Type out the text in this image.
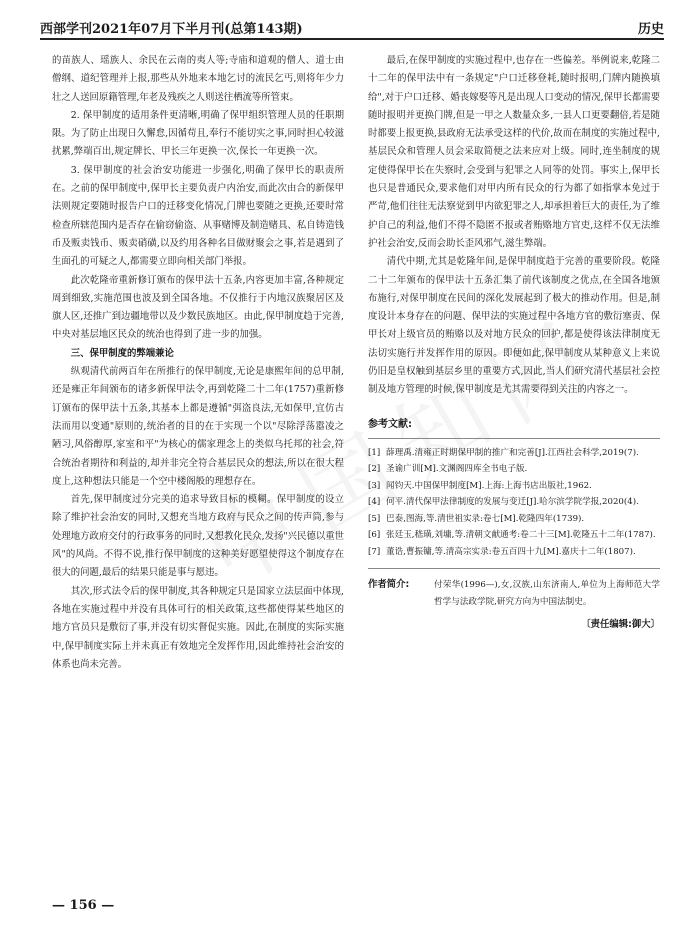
西部学刊2021年07月下半月刊(总第143期)	历史

的苗族人、瑶族人、余民在云南的夷人等;寺庙和道观的僧人、道士由僧纲、道纪管理并上报,那些从外地来本地乞讨的流民乞丐,则将年少力壮之人送回原籍管理,年老及残疾之人则送往栖流等所管束。

2. 保甲制度的适用条件更清晰,明确了保甲组织管理人员的任职期限。为了防止出现日久懈怠,因循苟且,奉行不能切实之事,同时担心较滋扰累,弊端百出,规定牌长、甲长三年更换一次,保长一年更换一次。

3. 保甲制度的社会治安功能进一步强化,明确了保甲长的职责所在。之前的保甲制度中,保甲长主要负责户内治安,而此次由合的新保甲法则规定要随时报告户口的迁移变化情况,门牌也要随之更换,还要时常检查所辖范围内是否存在偷窃偷盗、从事赌博及制造赌具、私自铸造钱币及贩卖钱币、贩卖硝磺,以及约用各种名目做财聚会之事,若是遇到了生面孔的可疑之人,都需要立即向相关部门举报。

此次乾隆帝重新修订颁布的保甲法十五条,内容更加丰富,各种规定周到细致,实施范围也波及到全国各地。不仅推行于内地汉族聚居区及旗人区,还推广到边疆地带以及少数民族地区。由此,保甲制度趋于完善,中央对基层地区民众的统治也得到了进一步的加强。

三、保甲制度的弊端兼论

纵观清代前两百年在所推行的保甲制度,无论是康熙年间的总甲制,还是雍正年间颁布的诸多新保甲法令,再到乾隆二十二年(1757)重新修订颁布的保甲法十五条,其基本上都是遵循"弭盗良法,无如保甲,宜仿古法而用以变通"原则的,统治者的目的在于实现一个以"尽除浮荡嚣凌之陋习,风俗醇厚,家室和平"为核心的儒家理念上的类似乌托邦的社会,符合统治者期待和利益的,却并非完全符合基层民众的想法,所以在很大程度上,这种想法只能是一个空中楼阁般的理想存在。

首先,保甲制度过分完美的追求导致目标的模糊。保甲制度的设立除了维护社会治安的同时,又想充当地方政府与民众之间的传声筒,参与处理地方政府交付的行政事务的同时,又想教化民众,发扬"兴民德以重世风"的风尚。不得不说,推行保甲制度的这种美好愿望使得这个制度存在很大的问题,最后的结果只能是事与愿违。

其次,形式法令后的保甲制度,其各种规定只是国家立法层面中体现,各地在实施过程中并没有具体可行的相关政策,这些都使得某些地区的地方官员只是敷衍了事,并没有切实督促实施。因此,在制度的实际实施中,保甲制度实际上并未真正有效地完全发挥作用,因此维持社会治安的体系也尚未完善。

最后,在保甲制度的实施过程中,也存在一些偏差。举例说来,乾隆二十二年的保甲法中有一条规定"户口迁移登耗,随时报明,门牌内随换填给",对于户口迁移、婚丧嫁娶等凡是出现人口变动的情况,保甲长都需要随时报明并更换门牌,但是一甲之人数量众多,一县人口更要翻倍,若是随时都要上报更换,县政府无法承受这样的代价,故而在制度的实施过程中,基层民众和管理人员会采取简便之法来应对上级。同时,连坐制度的规定使得保甲长在失察时,会受到与犯罪之人同等的处罚。事实上,保甲长也只是普通民众,要求他们对甲内所有民众的行为都了如指掌本免过于严苛,他们往往无法察觉到甲内欲犯罪之人,却承担着巨大的责任,为了维护自己的利益,他们不得不隐匿不报或者贿赂地方官吏,这样不仅无法维护社会治安,反而会助长歪风邪气,滋生弊端。

清代中期,尤其是乾隆年间,是保甲制度趋于完善的重要阶段。乾隆二十二年颁布的保甲法十五条汇集了前代该制度之优点,在全国各地颁布施行,对保甲制度在民间的深化发展起到了极大的推动作用。但是,制度设计本身存在的问题、保甲法的实施过程中各地方官的敷衍塞责、保甲长对上级官员的贿赂以及对地方民众的回护,都是使得该法律制度无法切实施行并发挥作用的原因。即便如此,保甲制度从某种意义上来说仍旧是皇权触到基层乡里的重要方式,因此,当人们研究清代基层社会控制及地方管理的时候,保甲制度是尤其需要得到关注的内容之一。

参考文献:
[1] 薛理禹.清雍正时期保甲制的推广和完善[J].江西社会科学,2019(7).
[2] 圣谕广训[M].文渊阁四库全书电子版.
[3] 闻钧天.中国保甲制度[M].上海:上海书店出版社,1962.
[4] 何平.清代保甲法律制度的发展与变迁[J].哈尔滨学院学报,2020(4).
[5] 巴泰,图海,等.清世祖实录:卷七[M].乾隆四年(1739).
[6] 张廷玉,嵇璜,刘墉,等.清朝文献通考:卷二十三[M].乾隆五十二年(1787).
[7] 董诰,曹振镛,等.清高宗实录:卷五百四十九[M].嘉庆十二年(1807).
作者简介:	付荣华(1996—),女,汉族,山东济南人,单位为上海师范大学哲学与法政学院,研究方向为中国法制史。
〔责任编辑:御大〕
— 156 —
